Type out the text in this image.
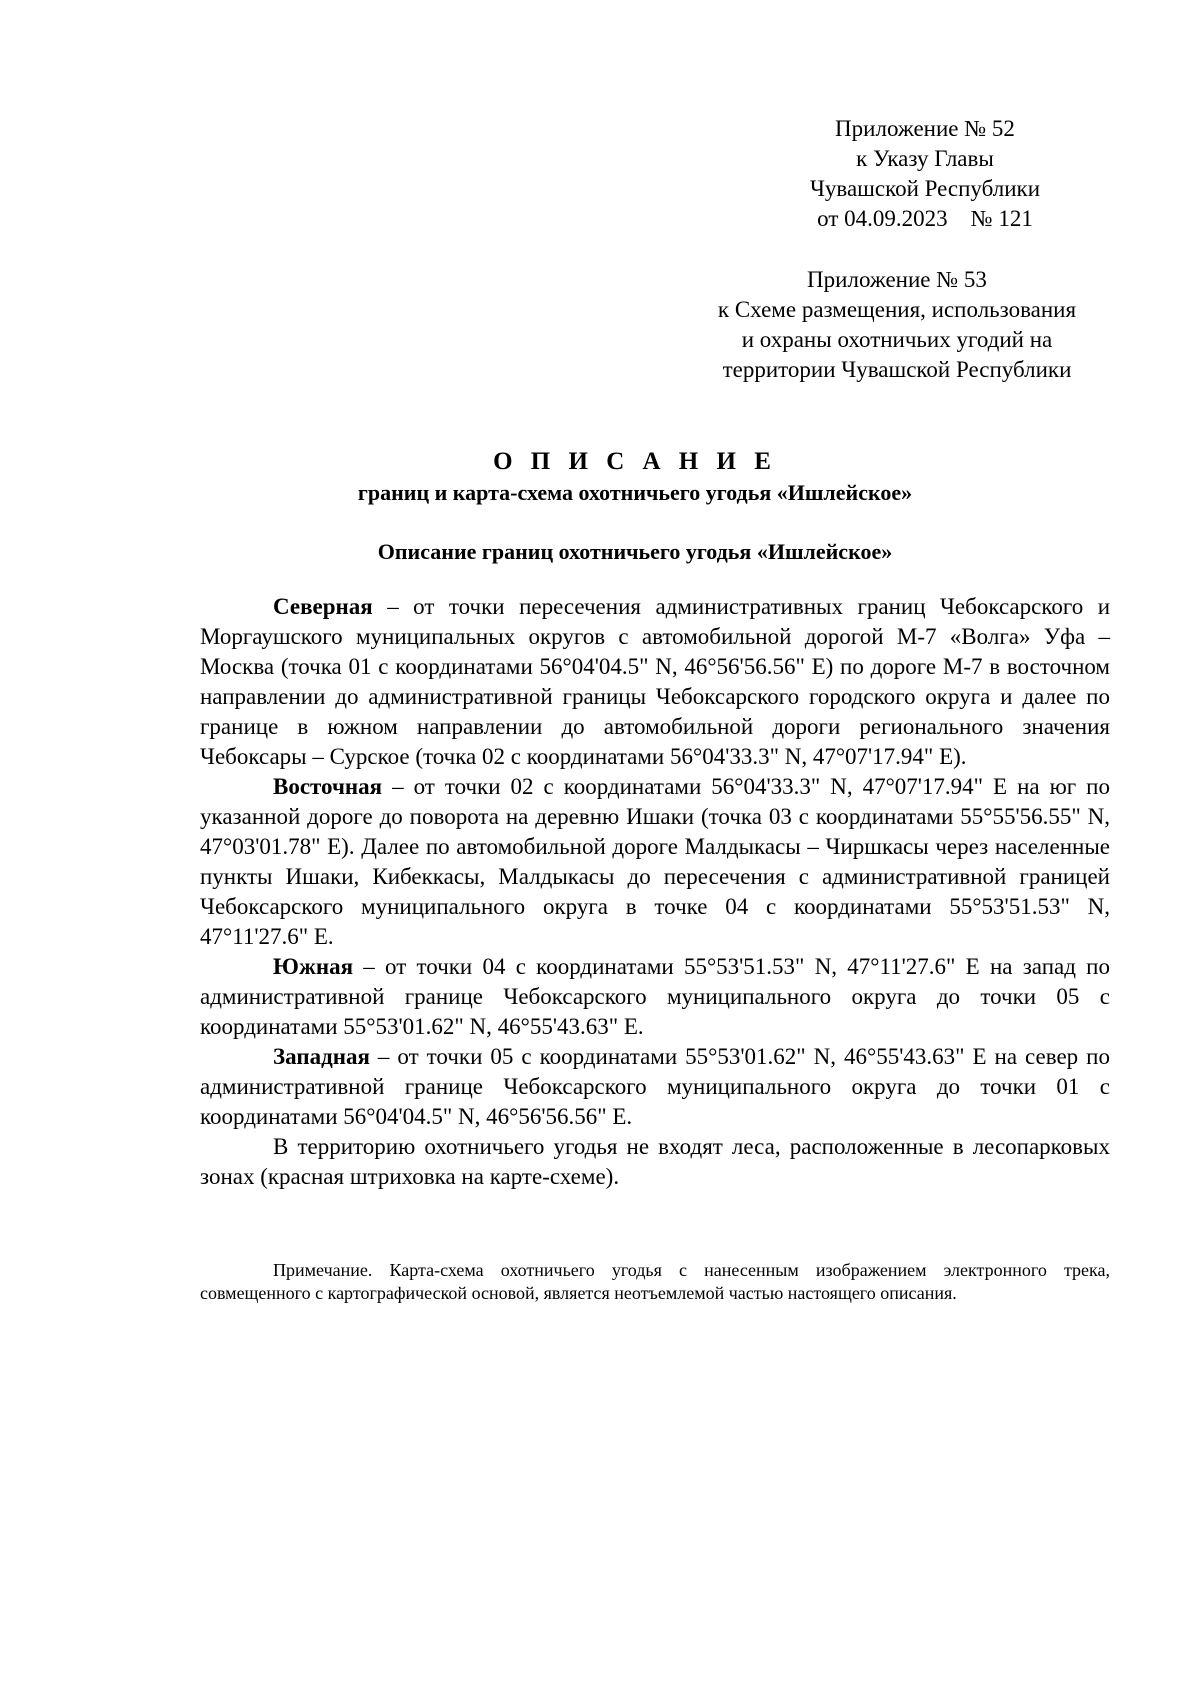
Приложение № 52
к Указу Главы
Чувашской Республики
от 04.09.2023    № 121
Приложение № 53
к Схеме размещения, использования
и охраны охотничьих угодий на
территории Чувашской Республики
О П И С А Н И Е
границ и карта-схема охотничьего угодья «Ишлейское»
Описание границ охотничьего угодья «Ишлейское»

Северная – от точки пересечения административных границ Чебоксарского и Моргаушского муниципальных округов с автомобильной дорогой М-7 «Волга» Уфа – Москва (точка 01 с координатами 56°04'04.5" N, 46°56'56.56" E) по дороге М-7 в восточном направлении до административной границы Чебоксарского городского округа и далее по границе в южном направлении до автомобильной дороги регионального значения Чебоксары – Сурское (точка 02 с координатами 56°04'33.3" N, 47°07'17.94" E).

Восточная – от точки 02 с координатами 56°04'33.3" N, 47°07'17.94" E на юг по указанной дороге до поворота на деревню Ишаки (точка 03 с координатами 55°55'56.55" N, 47°03'01.78" E). Далее по автомобильной дороге Малдыкасы – Чиршкасы через населенные пункты Ишаки, Кибеккасы, Малдыкасы до пересечения с административной границей Чебоксарского муниципального округа в точке 04 с координатами 55°53'51.53" N, 47°11'27.6" E.

Южная – от точки 04 с координатами 55°53'51.53" N, 47°11'27.6" E на запад по административной границе Чебоксарского муниципального округа до точки 05 с координатами 55°53'01.62" N, 46°55'43.63" E.

Западная – от точки 05 с координатами 55°53'01.62" N, 46°55'43.63" E на север по административной границе Чебоксарского муниципального округа до точки 01 с координатами 56°04'04.5" N, 46°56'56.56" E.

В территорию охотничьего угодья не входят леса, расположенные в лесопарковых зонах (красная штриховка на карте-схеме).

Примечание. Карта-схема охотничьего угодья с нанесенным изображением электронного трека, совмещенного с картографической основой, является неотъемлемой частью настоящего описания.
